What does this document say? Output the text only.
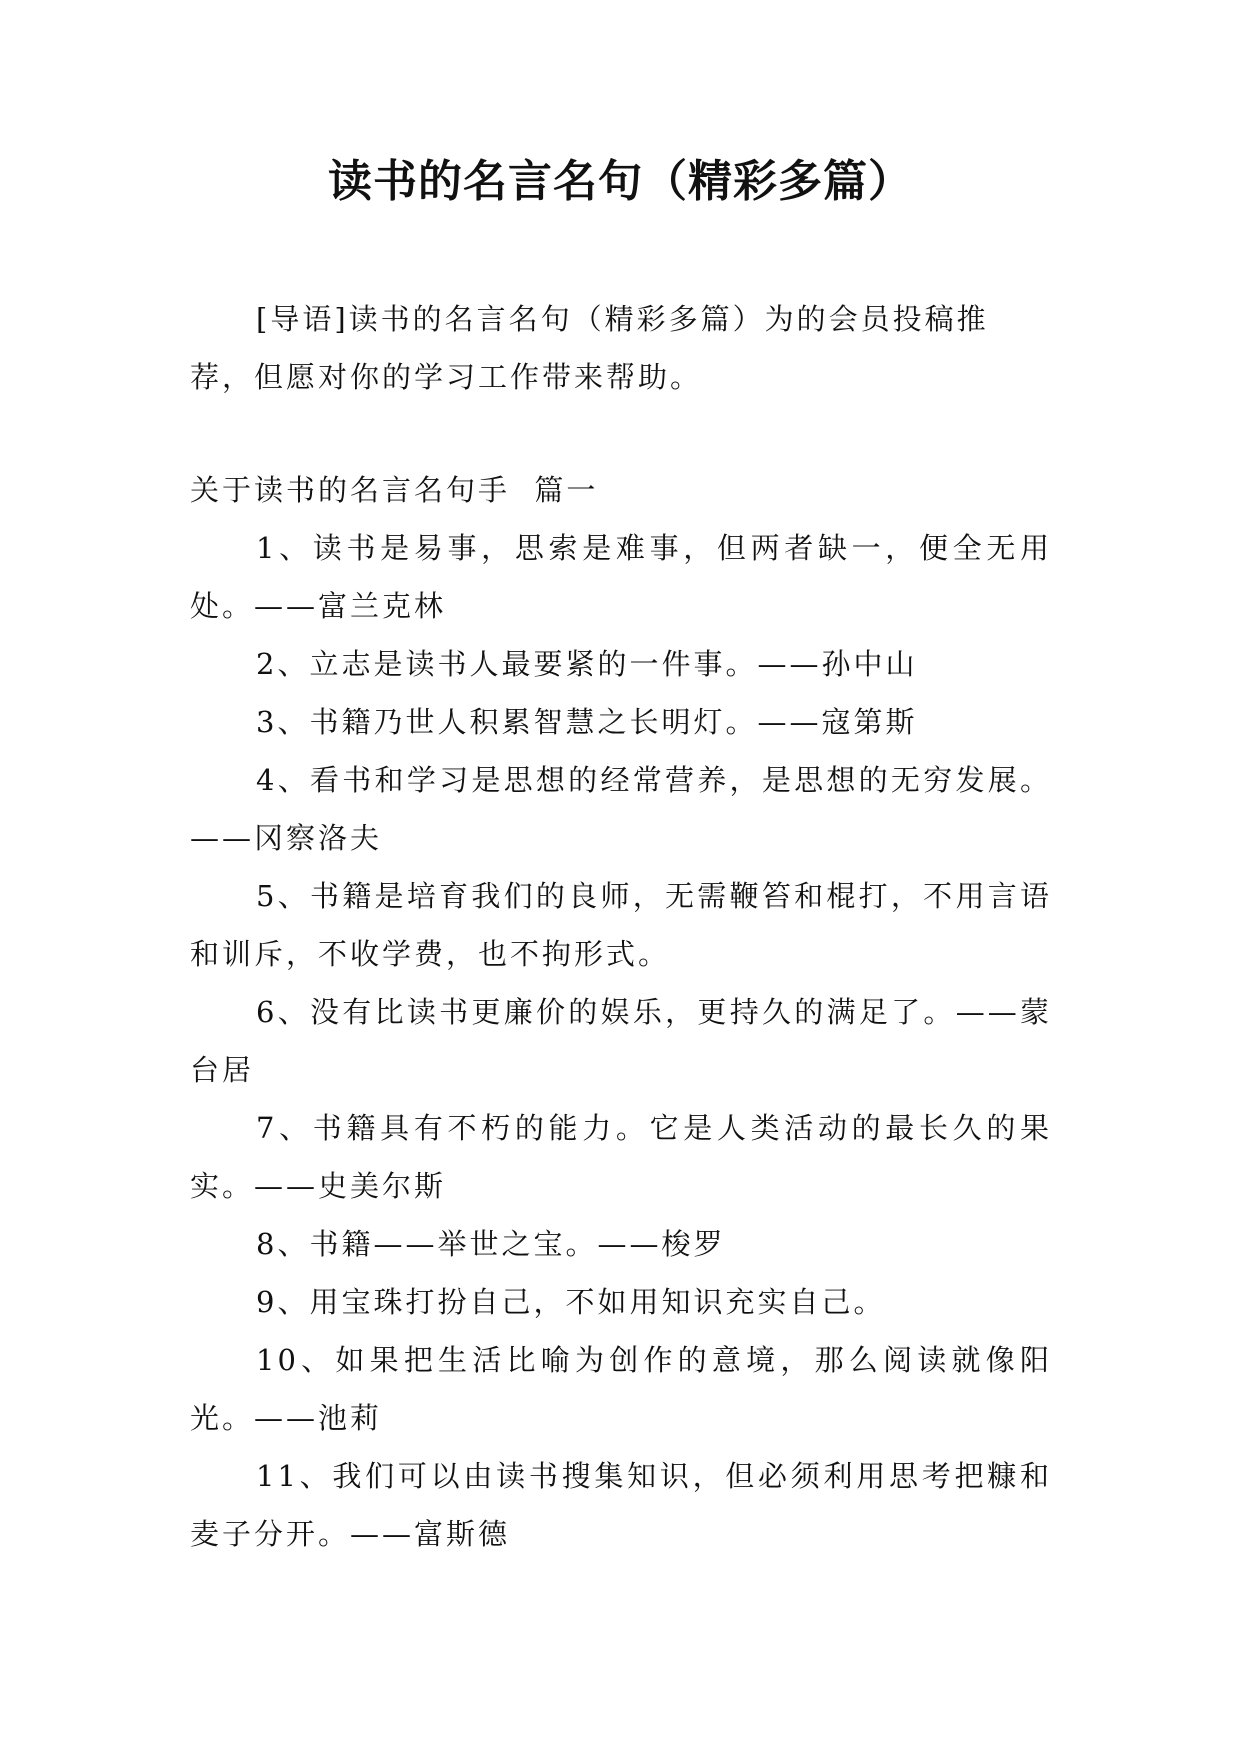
读书的名言名句（精彩多篇）

[导语]读书的名言名句（精彩多篇）为的会员投稿推荐，但愿对你的学习工作带来帮助。

关于读书的名言名句手  篇一

1、读书是易事，思索是难事，但两者缺一，便全无用处。——富兰克林
2、立志是读书人最要紧的一件事。——孙中山
3、书籍乃世人积累智慧之长明灯。——寇第斯
4、看书和学习是思想的经常营养，是思想的无穷发展。——冈察洛夫
5、书籍是培育我们的良师，无需鞭笞和棍打，不用言语和训斥，不收学费，也不拘形式。
6、没有比读书更廉价的娱乐，更持久的满足了。——蒙台居
7、书籍具有不朽的能力。它是人类活动的最长久的果实。——史美尔斯
8、书籍——举世之宝。——梭罗
9、用宝珠打扮自己，不如用知识充实自己。
10、如果把生活比喻为创作的意境，那么阅读就像阳光。——池莉
11、我们可以由读书搜集知识，但必须利用思考把糠和麦子分开。——富斯德
